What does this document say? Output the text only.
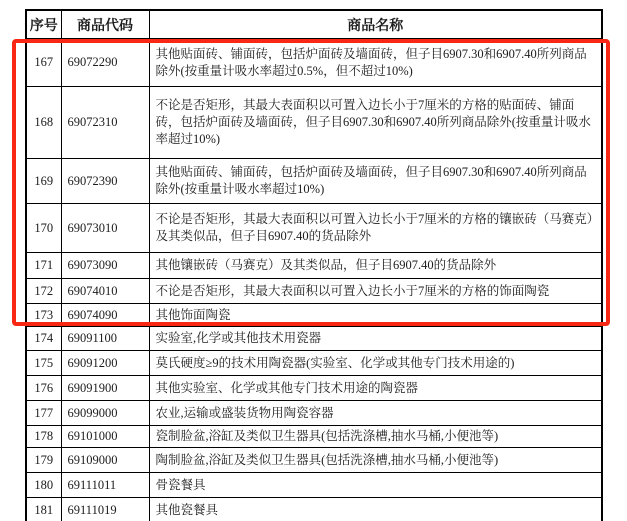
序号	商品代码	商品名称
167	69072290	其他贴面砖、铺面砖，包括炉面砖及墙面砖，但子目6907.30和6907.40所列商品除外(按重量计吸水率超过0.5%，但不超过10%)
168	69072310	不论是否矩形，其最大表面积以可置入边长小于7厘米的方格的贴面砖、铺面砖，包括炉面砖及墙面砖，但子目6907.30和6907.40所列商品除外(按重量计吸水率超过10%)
169	69072390	其他贴面砖、铺面砖，包括炉面砖及墙面砖，但子目6907.30和6907.40所列商品除外(按重量计吸水率超过10%)
170	69073010	不论是否矩形，其最大表面积以可置入边长小于7厘米的方格的镶嵌砖（马赛克）及其类似品，但子目6907.40的货品除外
171	69073090	其他镶嵌砖（马赛克）及其类似品，但子目6907.40的货品除外
172	69074010	不论是否矩形，其最大表面积以可置入边长小于7厘米的方格的饰面陶瓷
173	69074090	其他饰面陶瓷
174	69091100	实验室,化学或其他技术用瓷器
175	69091200	莫氏硬度≥9的技术用陶瓷器(实验室、化学或其他专门技术用途的)
176	69091900	其他实验室、化学或其他专门技术用途的陶瓷器
177	69099000	农业,运输或盛装货物用陶瓷容器
178	69101000	瓷制脸盆,浴缸及类似卫生器具(包括洗涤槽,抽水马桶,小便池等)
179	69109000	陶制脸盆,浴缸及类似卫生器具(包括洗涤槽,抽水马桶,小便池等)
180	69111011	骨瓷餐具
181	69111019	其他瓷餐具
